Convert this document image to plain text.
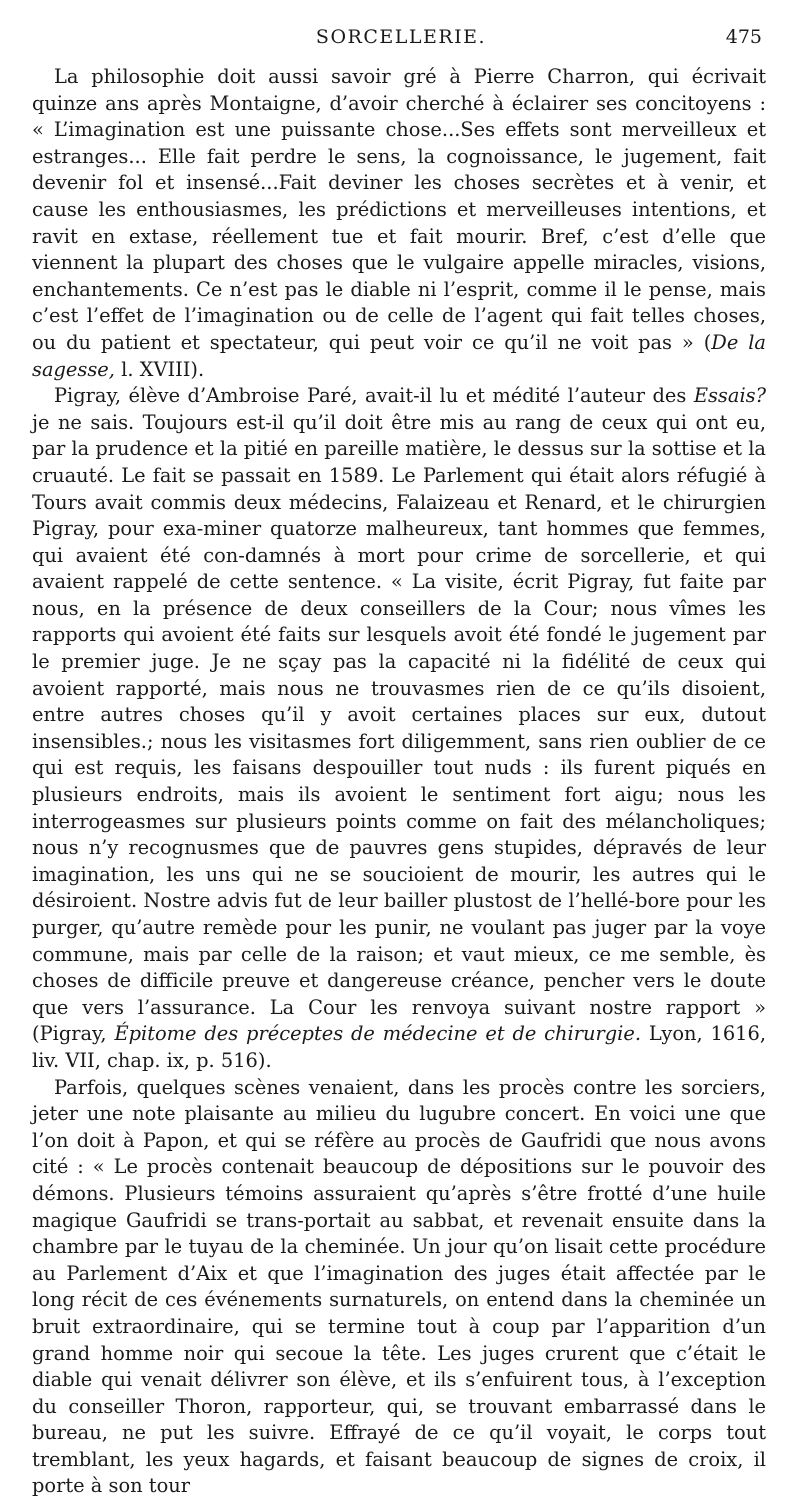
SORCELLERIE.	475

La philosophie doit aussi savoir gré à Pierre Charron, qui écrivait quinze ans après Montaigne, d’avoir cherché à éclairer ses concitoyens : « L’imagination est une puissante chose...Ses effets sont merveilleux et estranges... Elle fait perdre le sens, la cognoissance, le jugement, fait devenir fol et insensé...Fait deviner les choses secrètes et à venir, et cause les enthousiasmes, les prédictions et merveilleuses intentions, et ravit en extase, réellement tue et fait mourir. Bref, c’est d’elle que viennent la plupart des choses que le vulgaire appelle miracles, visions, enchantements. Ce n’est pas le diable ni l’esprit, comme il le pense, mais c’est l’effet de l’imagination ou de celle de l’agent qui fait telles choses, ou du patient et spectateur, qui peut voir ce qu’il ne voit pas » (De la sagesse, l. XVIII).

Pigray, élève d’Ambroise Paré, avait-il lu et médité l’auteur des Essais? je ne sais. Toujours est-il qu’il doit être mis au rang de ceux qui ont eu, par la prudence et la pitié en pareille matière, le dessus sur la sottise et la cruauté. Le fait se passait en 1589. Le Parlement qui était alors réfugié à Tours avait commis deux médecins, Falaizeau et Renard, et le chirurgien Pigray, pour exa-miner quatorze malheureux, tant hommes que femmes, qui avaient été con-damnés à mort pour crime de sorcellerie, et qui avaient rappelé de cette sentence. « La visite, écrit Pigray, fut faite par nous, en la présence de deux conseillers de la Cour; nous vîmes les rapports qui avoient été faits sur lesquels avoit été fondé le jugement par le premier juge. Je ne sçay pas la capacité ni la fidélité de ceux qui avoient rapporté, mais nous ne trouvasmes rien de ce qu’ils disoient, entre autres choses qu’il y avoit certaines places sur eux, dutout insensibles.; nous les visitasmes fort diligemment, sans rien oublier de ce qui est requis, les faisans despouiller tout nuds : ils furent piqués en plusieurs endroits, mais ils avoient le sentiment fort aigu; nous les interrogeasmes sur plusieurs points comme on fait des mélancholiques; nous n’y recognusmes que de pauvres gens stupides, dépravés de leur imagination, les uns qui ne se soucioient de mourir, les autres qui le désiroient. Nostre advis fut de leur bailler plustost de l’hellé-bore pour les purger, qu’autre remède pour les punir, ne voulant pas juger par la voye commune, mais par celle de la raison; et vaut mieux, ce me semble, ès choses de difficile preuve et dangereuse créance, pencher vers le doute que vers l’assurance. La Cour les renvoya suivant nostre rapport » (Pigray, Épitome des préceptes de médecine et de chirurgie. Lyon, 1616, liv. VII, chap. ix, p. 516).

Parfois, quelques scènes venaient, dans les procès contre les sorciers, jeter une note plaisante au milieu du lugubre concert. En voici une que l’on doit à Papon, et qui se réfère au procès de Gaufridi que nous avons cité : « Le procès contenait beaucoup de dépositions sur le pouvoir des démons. Plusieurs témoins assuraient qu’après s’être frotté d’une huile magique Gaufridi se trans-portait au sabbat, et revenait ensuite dans la chambre par le tuyau de la cheminée. Un jour qu’on lisait cette procédure au Parlement d’Aix et que l’imagination des juges était affectée par le long récit de ces événements surnaturels, on entend dans la cheminée un bruit extraordinaire, qui se termine tout à coup par l’apparition d’un grand homme noir qui secoue la tête. Les juges crurent que c’était le diable qui venait délivrer son élève, et ils s’enfuirent tous, à l’exception du conseiller Thoron, rapporteur, qui, se trouvant embarrassé dans le bureau, ne put les suivre. Effrayé de ce qu’il voyait, le corps tout tremblant, les yeux hagards, et faisant beaucoup de signes de croix, il porte à son tour
